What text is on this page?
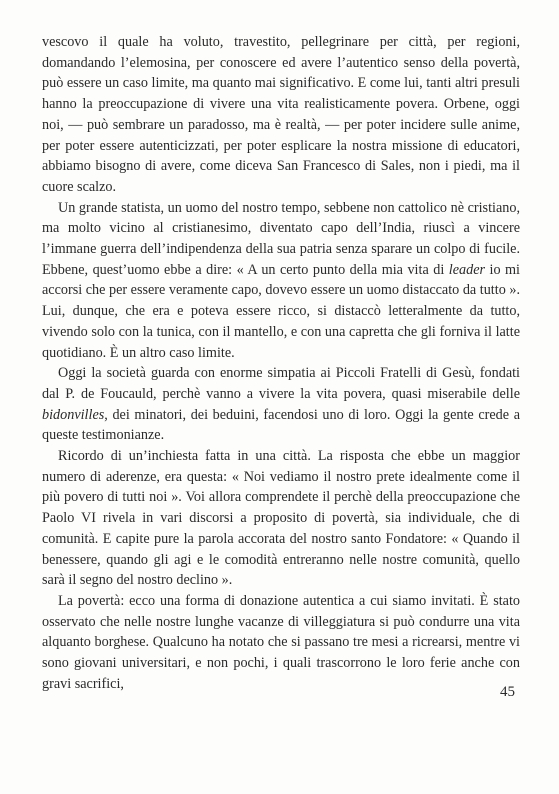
vescovo il quale ha voluto, travestito, pellegrinare per città, per regioni, domandando l’elemosina, per conoscere ed avere l’autentico senso della povertà, può essere un caso limite, ma quanto mai significativo. E come lui, tanti altri presuli hanno la preoccupazione di vivere una vita realisticamente povera. Orbene, oggi noi, — può sembrare un paradosso, ma è realtà, — per poter incidere sulle anime, per poter essere autenticizzati, per poter esplicare la nostra missione di educatori, abbiamo bisogno di avere, come diceva San Francesco di Sales, non i piedi, ma il cuore scalzo.

Un grande statista, un uomo del nostro tempo, sebbene non cattolico nè cristiano, ma molto vicino al cristianesimo, diventato capo dell’India, riuscì a vincere l’immane guerra dell’indipendenza della sua patria senza sparare un colpo di fucile. Ebbene, quest’uomo ebbe a dire: « A un certo punto della mia vita di leader io mi accorsi che per essere veramente capo, dovevo essere un uomo distaccato da tutto ». Lui, dunque, che era e poteva essere ricco, si distaccò letteralmente da tutto, vivendo solo con la tunica, con il mantello, e con una capretta che gli forniva il latte quotidiano. È un altro caso limite.

Oggi la società guarda con enorme simpatia ai Piccoli Fratelli di Gesù, fondati dal P. de Foucauld, perchè vanno a vivere la vita povera, quasi miserabile delle bidonvilles, dei minatori, dei beduini, facendosi uno di loro. Oggi la gente crede a queste testimonianze.

Ricordo di un’inchiesta fatta in una città. La risposta che ebbe un maggior numero di aderenze, era questa: « Noi vediamo il nostro prete idealmente come il più povero di tutti noi ». Voi allora comprendete il perchè della preoccupazione che Paolo VI rivela in vari discorsi a proposito di povertà, sia individuale, che di comunità. E capite pure la parola accorata del nostro santo Fondatore: « Quando il benessere, quando gli agi e le comodità entreranno nelle nostre comunità, quello sarà il segno del nostro declino ».

La povertà: ecco una forma di donazione autentica a cui siamo invitati. È stato osservato che nelle nostre lunghe vacanze di villeggiatura si può condurre una vita alquanto borghese. Qualcuno ha notato che si passano tre mesi a ricrearsi, mentre vi sono giovani universitari, e non pochi, i quali trascorrono le loro ferie anche con gravi sacrifici,

45
